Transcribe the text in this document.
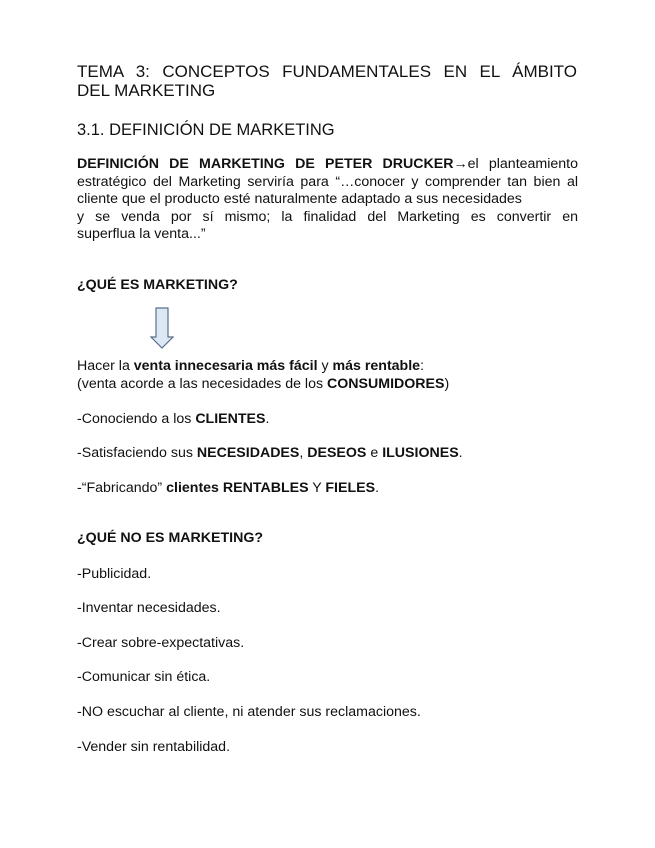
TEMA 3: CONCEPTOS FUNDAMENTALES EN EL ÁMBITO
DEL MARKETING
3.1. DEFINICIÓN DE MARKETING

DEFINICIÓN DE MARKETING DE PETER DRUCKER→el planteamiento
estratégico del Marketing serviría para “…conocer y comprender tan bien al
cliente que el producto esté naturalmente adaptado a sus necesidades
y se venda por sí mismo; la finalidad del Marketing es convertir en
superflua la venta...”

¿QUÉ ES MARKETING?

Hacer la venta innecesaria más fácil y más rentable:

(venta acorde a las necesidades de los CONSUMIDORES)

-Conociendo a los CLIENTES.

-Satisfaciendo sus NECESIDADES, DESEOS e ILUSIONES.

-“Fabricando” clientes RENTABLES Y FIELES.

¿QUÉ NO ES MARKETING?

-Publicidad.

-Inventar necesidades.

-Crear sobre-expectativas.

-Comunicar sin ética.

-NO escuchar al cliente, ni atender sus reclamaciones.

-Vender sin rentabilidad.
